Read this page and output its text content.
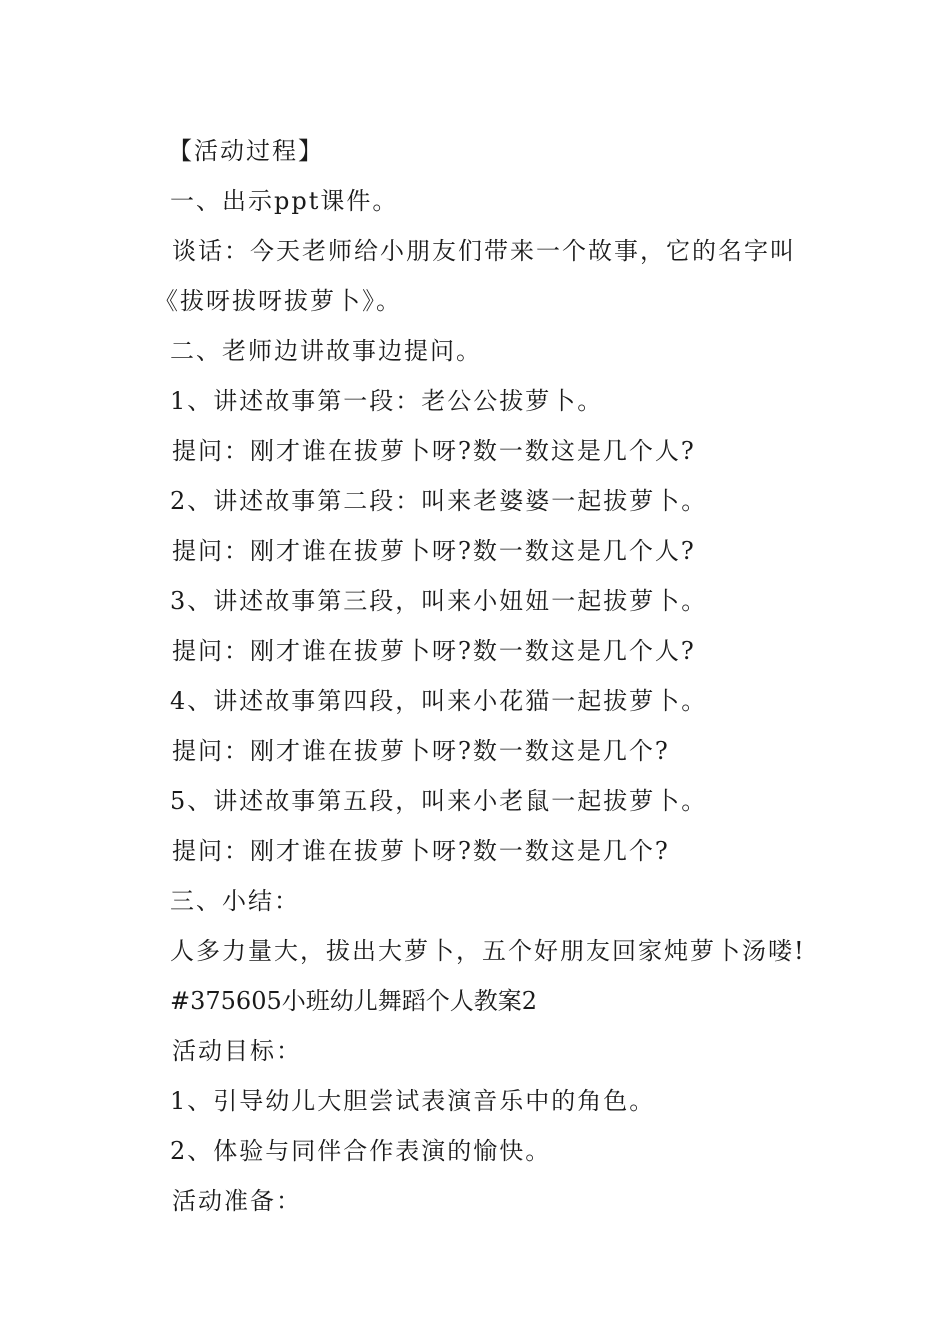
【活动过程】
一、出示ppt课件。
谈话：今天老师给小朋友们带来一个故事，它的名字叫
《拔呀拔呀拔萝卜》。
二、老师边讲故事边提问。
1、讲述故事第一段：老公公拔萝卜。
提问：刚才谁在拔萝卜呀?数一数这是几个人?
2、讲述故事第二段：叫来老婆婆一起拔萝卜。
提问：刚才谁在拔萝卜呀?数一数这是几个人?
3、讲述故事第三段，叫来小妞妞一起拔萝卜。
提问：刚才谁在拔萝卜呀?数一数这是几个人?
4、讲述故事第四段，叫来小花猫一起拔萝卜。
提问：刚才谁在拔萝卜呀?数一数这是几个?
5、讲述故事第五段，叫来小老鼠一起拔萝卜。
提问：刚才谁在拔萝卜呀?数一数这是几个?
三、小结：
人多力量大，拔出大萝卜，五个好朋友回家炖萝卜汤喽!
#375605小班幼儿舞蹈个人教案2
活动目标：
1、引导幼儿大胆尝试表演音乐中的角色。
2、体验与同伴合作表演的愉快。
活动准备：
